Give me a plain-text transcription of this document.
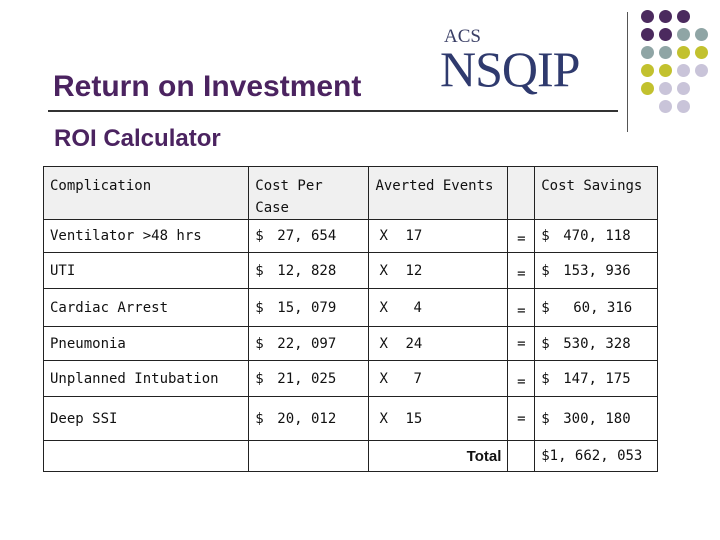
Return on Investment
ROI Calculator
ACS
NSQIP
Complication	Cost Per Case	Averted Events		Cost Savings
Ventilator >48 hrs	$ 27, 654	X 17	=	$ 470, 118
UTI	$ 12, 828	X 12	=	$ 153, 936
Cardiac Arrest	$ 15, 079	X 4	=	$ 60, 316
Pneumonia	$ 22, 097	X 24	=	$ 530, 328
Unplanned Intubation	$ 21, 025	X 7	=	$ 147, 175
Deep SSI	$ 20, 012	X 15	=	$ 300, 180
		Total		$1, 662, 053
